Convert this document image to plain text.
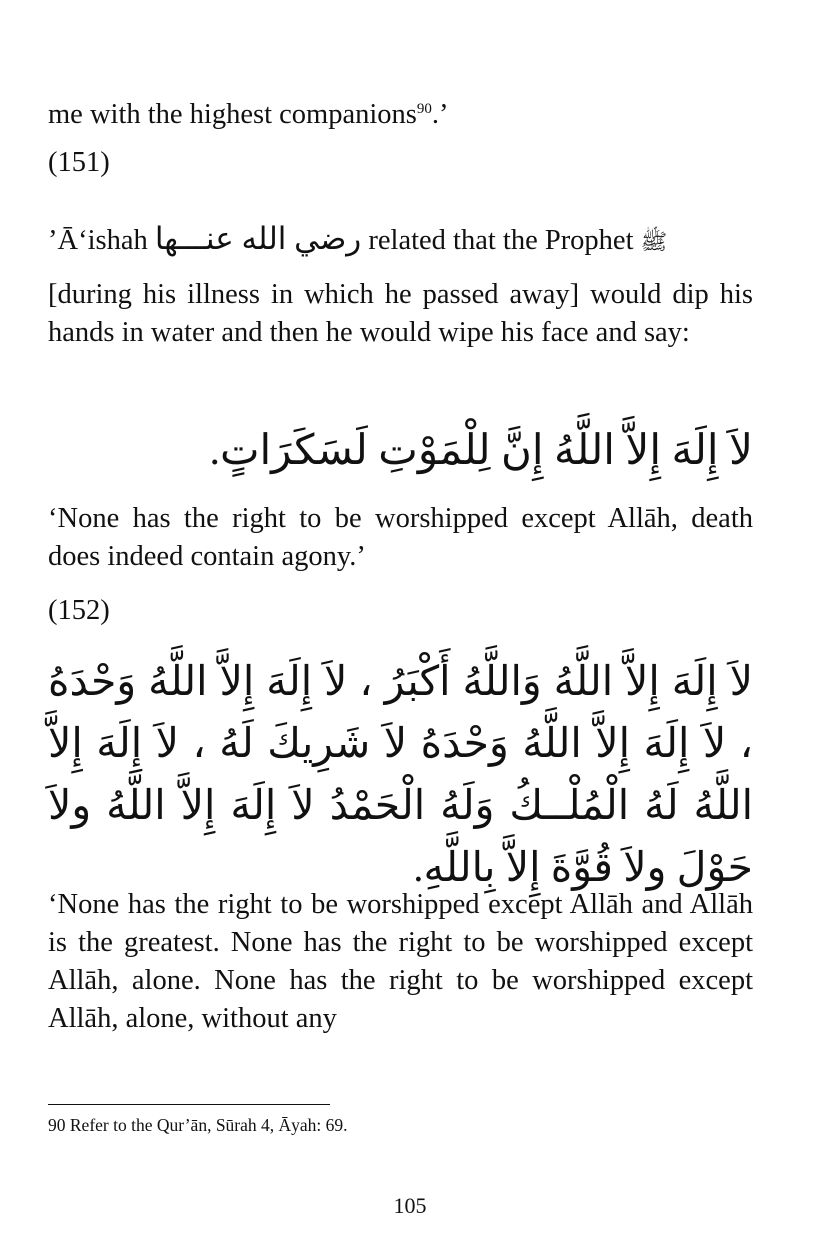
me with the highest companions$^{90}$.’

(151)

’Ā‘ishah رضي الله عنـــها related that the Prophet ﷺ

[during his illness in which he passed away] would dip his hands in water and then he would wipe his face and say:

لاَ إِلَهَ إِلاَّ اللَّهُ إِنَّ لِلْمَوْتِ لَسَكَرَاتٍ.

‘None has the right to be worshipped except Allāh, death does indeed contain agony.’

(152)

لاَ إِلَهَ إِلاَّ اللَّهُ وَاللَّهُ أَكْبَرُ ، لاَ إِلَهَ إِلاَّ اللَّهُ وَحْدَهُ ، لاَ إِلَهَ إِلاَّ اللَّهُ وَحْدَهُ لاَ شَرِيكَ لَهُ ، لاَ إِلَهَ إِلاَّ اللَّهُ لَهُ الْمُلْــكُ وَلَهُ الْحَمْدُ لاَ إِلَهَ إِلاَّ اللَّهُ ولاَ حَوْلَ ولاَ قُوَّةَ إِلاَّ بِاللَّهِ.

‘None has the right to be worshipped except Allāh and Allāh is the greatest. None has the right to be worshipped except Allāh, alone. None has the right to be worshipped except Allāh, alone, without any

90 Refer to the Qur’ān, Sūrah 4, Āyah: 69.

105
